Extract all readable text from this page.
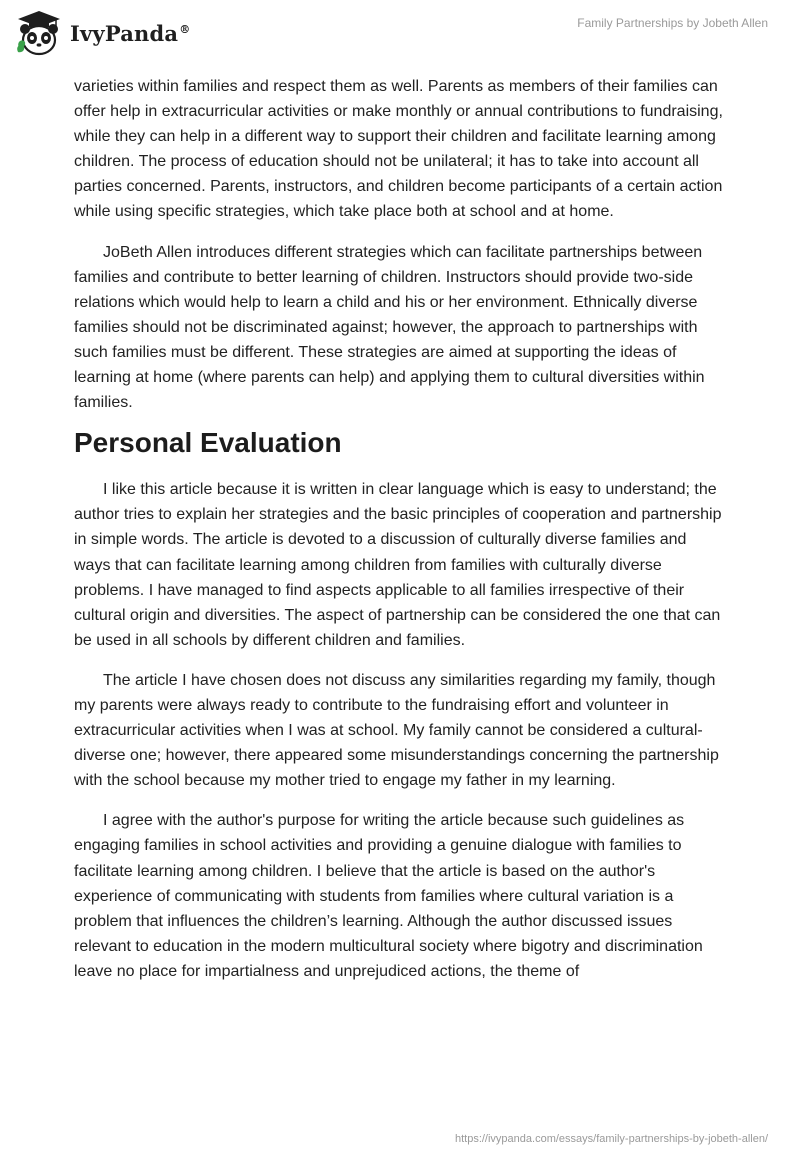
IvyPanda®	Family Partnerships by Jobeth Allen

varieties within families and respect them as well. Parents as members of their families can offer help in extracurricular activities or make monthly or annual contributions to fundraising, while they can help in a different way to support their children and facilitate learning among children. The process of education should not be unilateral; it has to take into account all parties concerned. Parents, instructors, and children become participants of a certain action while using specific strategies, which take place both at school and at home.

JoBeth Allen introduces different strategies which can facilitate partnerships between families and contribute to better learning of children. Instructors should provide two-side relations which would help to learn a child and his or her environment. Ethnically diverse families should not be discriminated against; however, the approach to partnerships with such families must be different. These strategies are aimed at supporting the ideas of learning at home (where parents can help) and applying them to cultural diversities within families.

Personal Evaluation

I like this article because it is written in clear language which is easy to understand; the author tries to explain her strategies and the basic principles of cooperation and partnership in simple words. The article is devoted to a discussion of culturally diverse families and ways that can facilitate learning among children from families with culturally diverse problems. I have managed to find aspects applicable to all families irrespective of their cultural origin and diversities. The aspect of partnership can be considered the one that can be used in all schools by different children and families.

The article I have chosen does not discuss any similarities regarding my family, though my parents were always ready to contribute to the fundraising effort and volunteer in extracurricular activities when I was at school. My family cannot be considered a cultural-diverse one; however, there appeared some misunderstandings concerning the partnership with the school because my mother tried to engage my father in my learning.

I agree with the author's purpose for writing the article because such guidelines as engaging families in school activities and providing a genuine dialogue with families to facilitate learning among children. I believe that the article is based on the author's experience of communicating with students from families where cultural variation is a problem that influences the children’s learning. Although the author discussed issues relevant to education in the modern multicultural society where bigotry and discrimination leave no place for impartialness and unprejudiced actions, the theme of

https://ivypanda.com/essays/family-partnerships-by-jobeth-allen/
